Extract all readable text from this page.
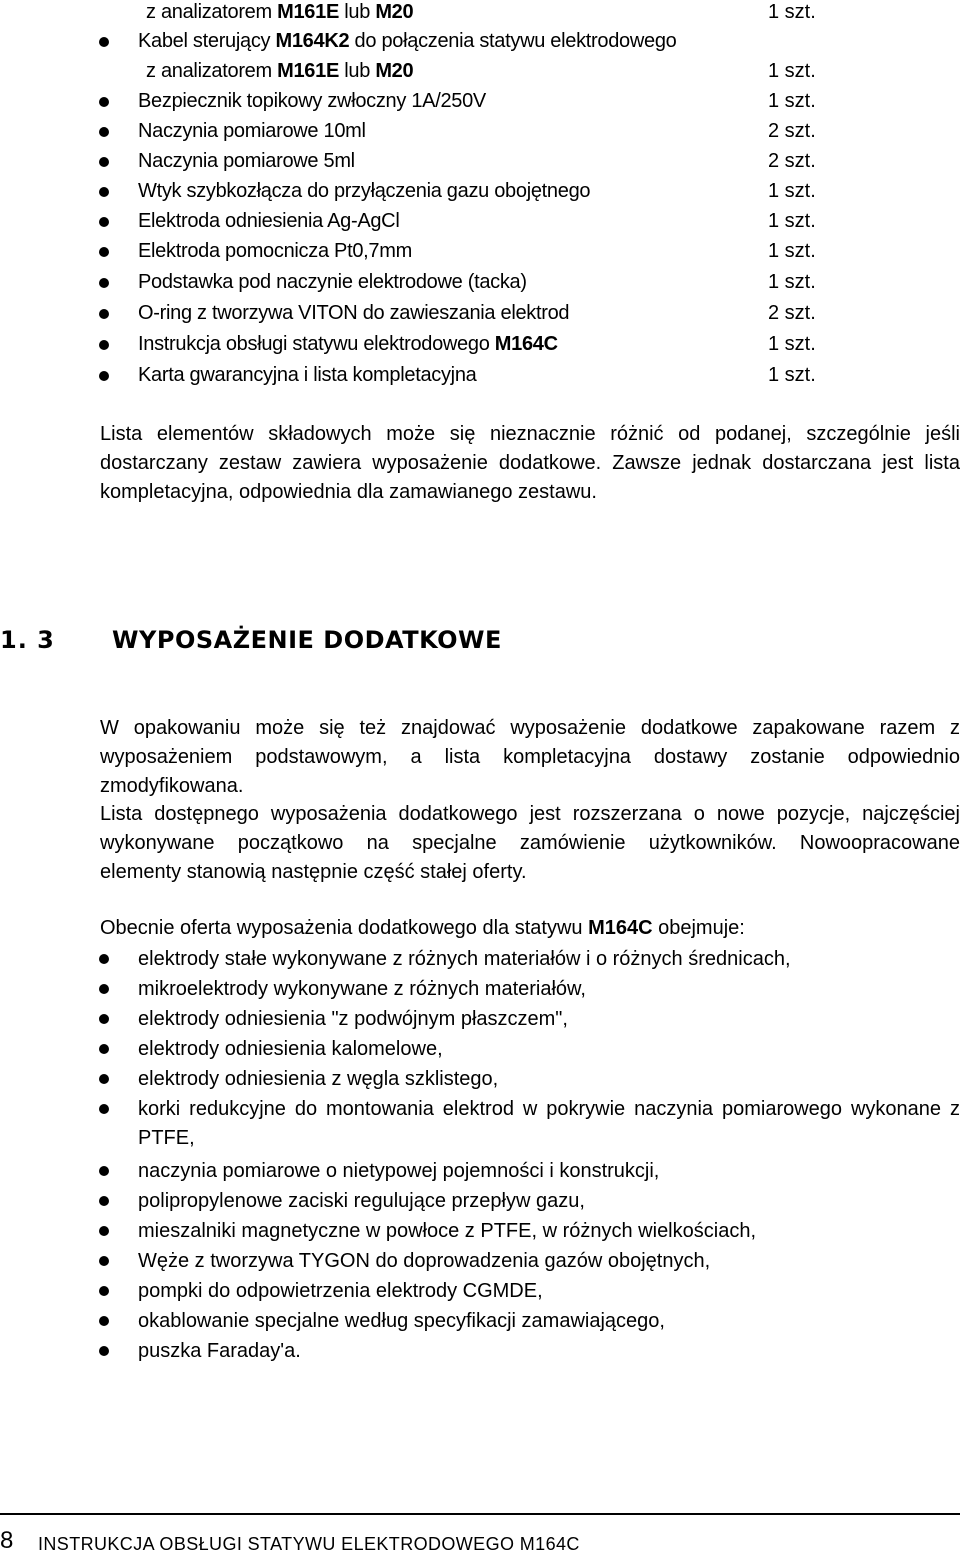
z analizatorem M161E lub M20	1 szt.
Kabel sterujący M164K2 do połączenia statywu elektrodowego
z analizatorem M161E lub M20	1 szt.
Bezpiecznik topikowy zwłoczny 1A/250V	1 szt.
Naczynia pomiarowe 10ml	2 szt.
Naczynia pomiarowe 5ml	2 szt.
Wtyk szybkozłącza do przyłączenia gazu obojętnego	1 szt.
Elektroda odniesienia Ag-AgCl	1 szt.
Elektroda pomocnicza Pt0,7mm	1 szt.
Podstawka pod naczynie elektrodowe (tacka)	1 szt.
O-ring z tworzywa VITON do zawieszania elektrod	2 szt.
Instrukcja obsługi statywu elektrodowego M164C	1 szt.
Karta gwarancyjna i lista kompletacyjna	1 szt.
Lista elementów składowych może się nieznacznie różnić od podanej, szczególnie jeśli
dostarczany zestaw zawiera wyposażenie dodatkowe. Zawsze jednak dostarczana jest lista
kompletacyjna, odpowiednia dla zamawianego zestawu.
1. 3 WYPOSAŻENIE DODATKOWE
W opakowaniu może się też znajdować wyposażenie dodatkowe zapakowane razem z
wyposażeniem podstawowym, a lista kompletacyjna dostawy zostanie odpowiednio
zmodyfikowana.
Lista dostępnego wyposażenia dodatkowego jest rozszerzana o nowe pozycje, najczęściej
wykonywane początkowo na specjalne zamówienie użytkowników. Nowoopracowane
elementy stanowią następnie część stałej oferty.
Obecnie oferta wyposażenia dodatkowego dla statywu M164C obejmuje:
elektrody stałe wykonywane z różnych materiałów i o różnych średnicach,
mikroelektrody wykonywane z różnych materiałów,
elektrody odniesienia "z podwójnym płaszczem",
elektrody odniesienia kalomelowe,
elektrody odniesienia z węgla szklistego,
korki redukcyjne do montowania elektrod w pokrywie naczynia pomiarowego wykonane z
PTFE,
naczynia pomiarowe o nietypowej pojemności i konstrukcji,
polipropylenowe zaciski regulujące przepływ gazu,
mieszalniki magnetyczne w powłoce z PTFE, w różnych wielkościach,
Węże z tworzywa TYGON do doprowadzenia gazów obojętnych,
pompki do odpowietrzenia elektrody CGMDE,
okablowanie specjalne według specyfikacji zamawiającego,
puszka Faraday'a.
8 INSTRUKCJA OBSŁUGI STATYWU ELEKTRODOWEGO M164C
